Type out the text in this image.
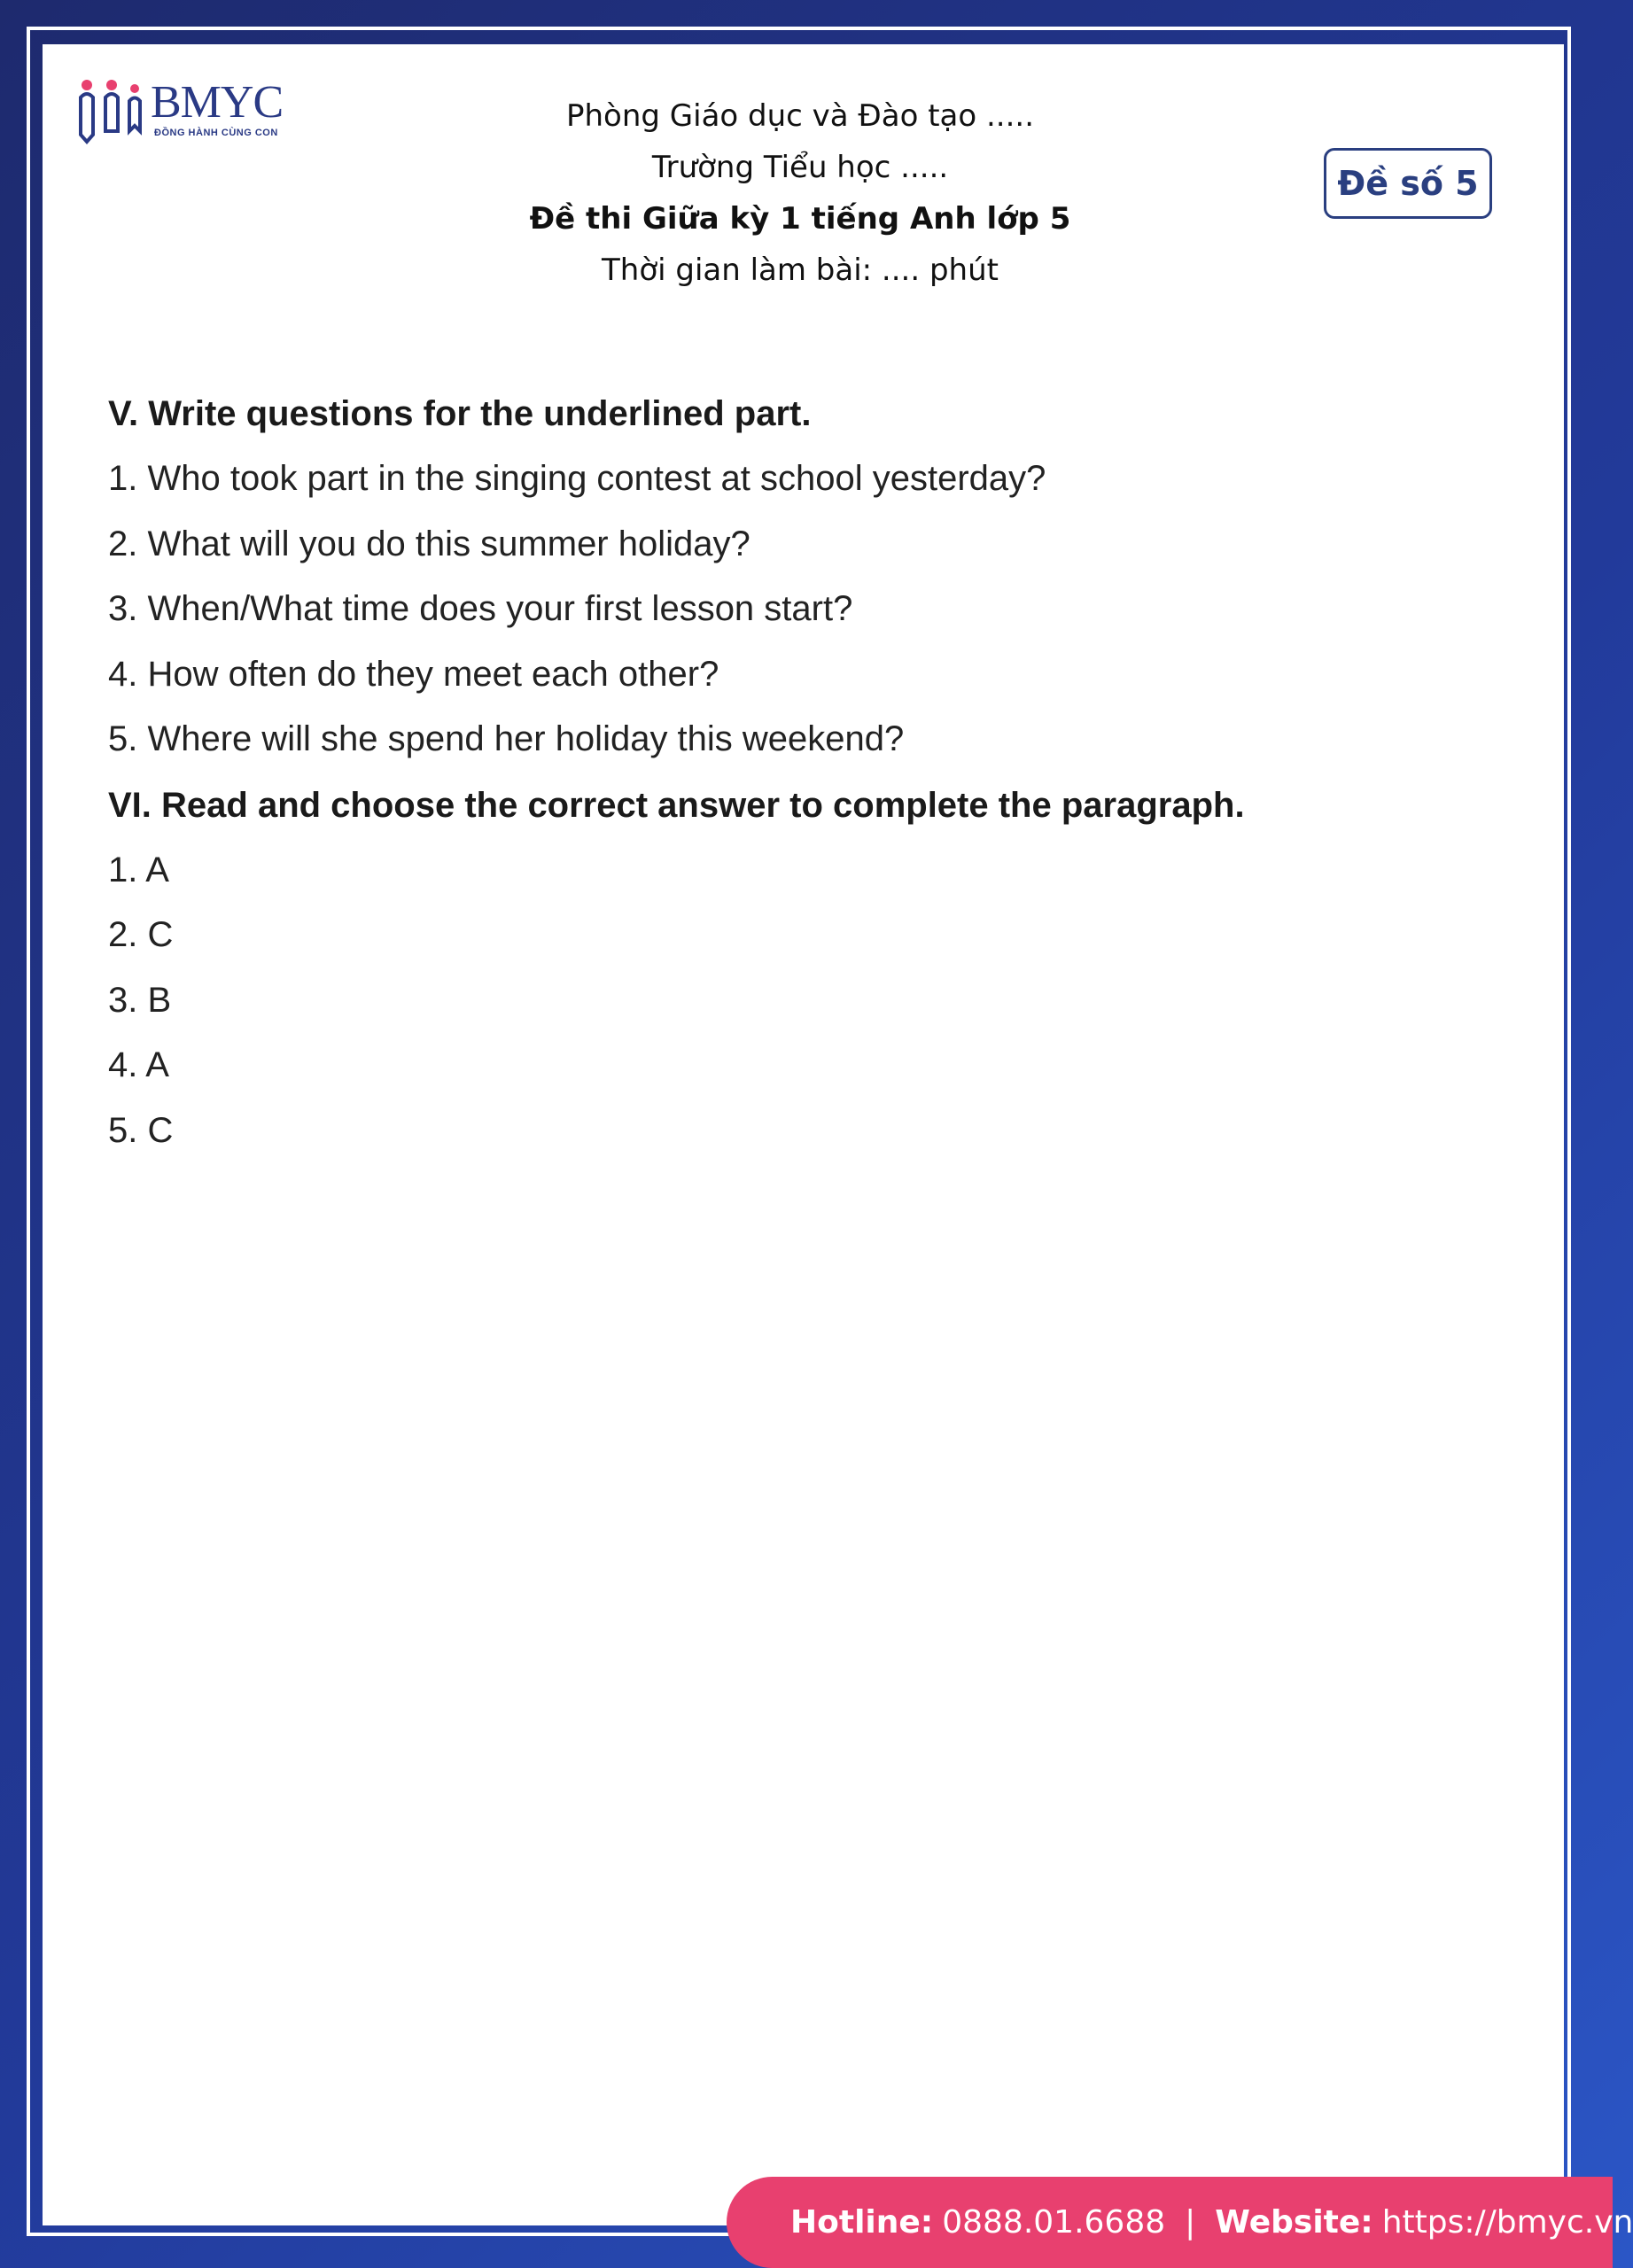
BMYC
ĐỒNG HÀNH CÙNG CON	Phòng Giáo dục và Đào tạo .....
Trường Tiểu học .....
Đề thi Giữa kỳ 1 tiếng Anh lớp 5
Thời gian làm bài: .... phút
Đề số 5
V. Write questions for the underlined part.
1. Who took part in the singing contest at school yesterday?
2. What will you do this summer holiday?
3. When/What time does your first lesson start?
4. How often do they meet each other?
5. Where will she spend her holiday this weekend?
VI. Read and choose the correct answer to complete the paragraph.
1. A
2. C
3. B
4. A
5. C
Hotline: 0888.01.6688 | Website: https://bmyc.vn
